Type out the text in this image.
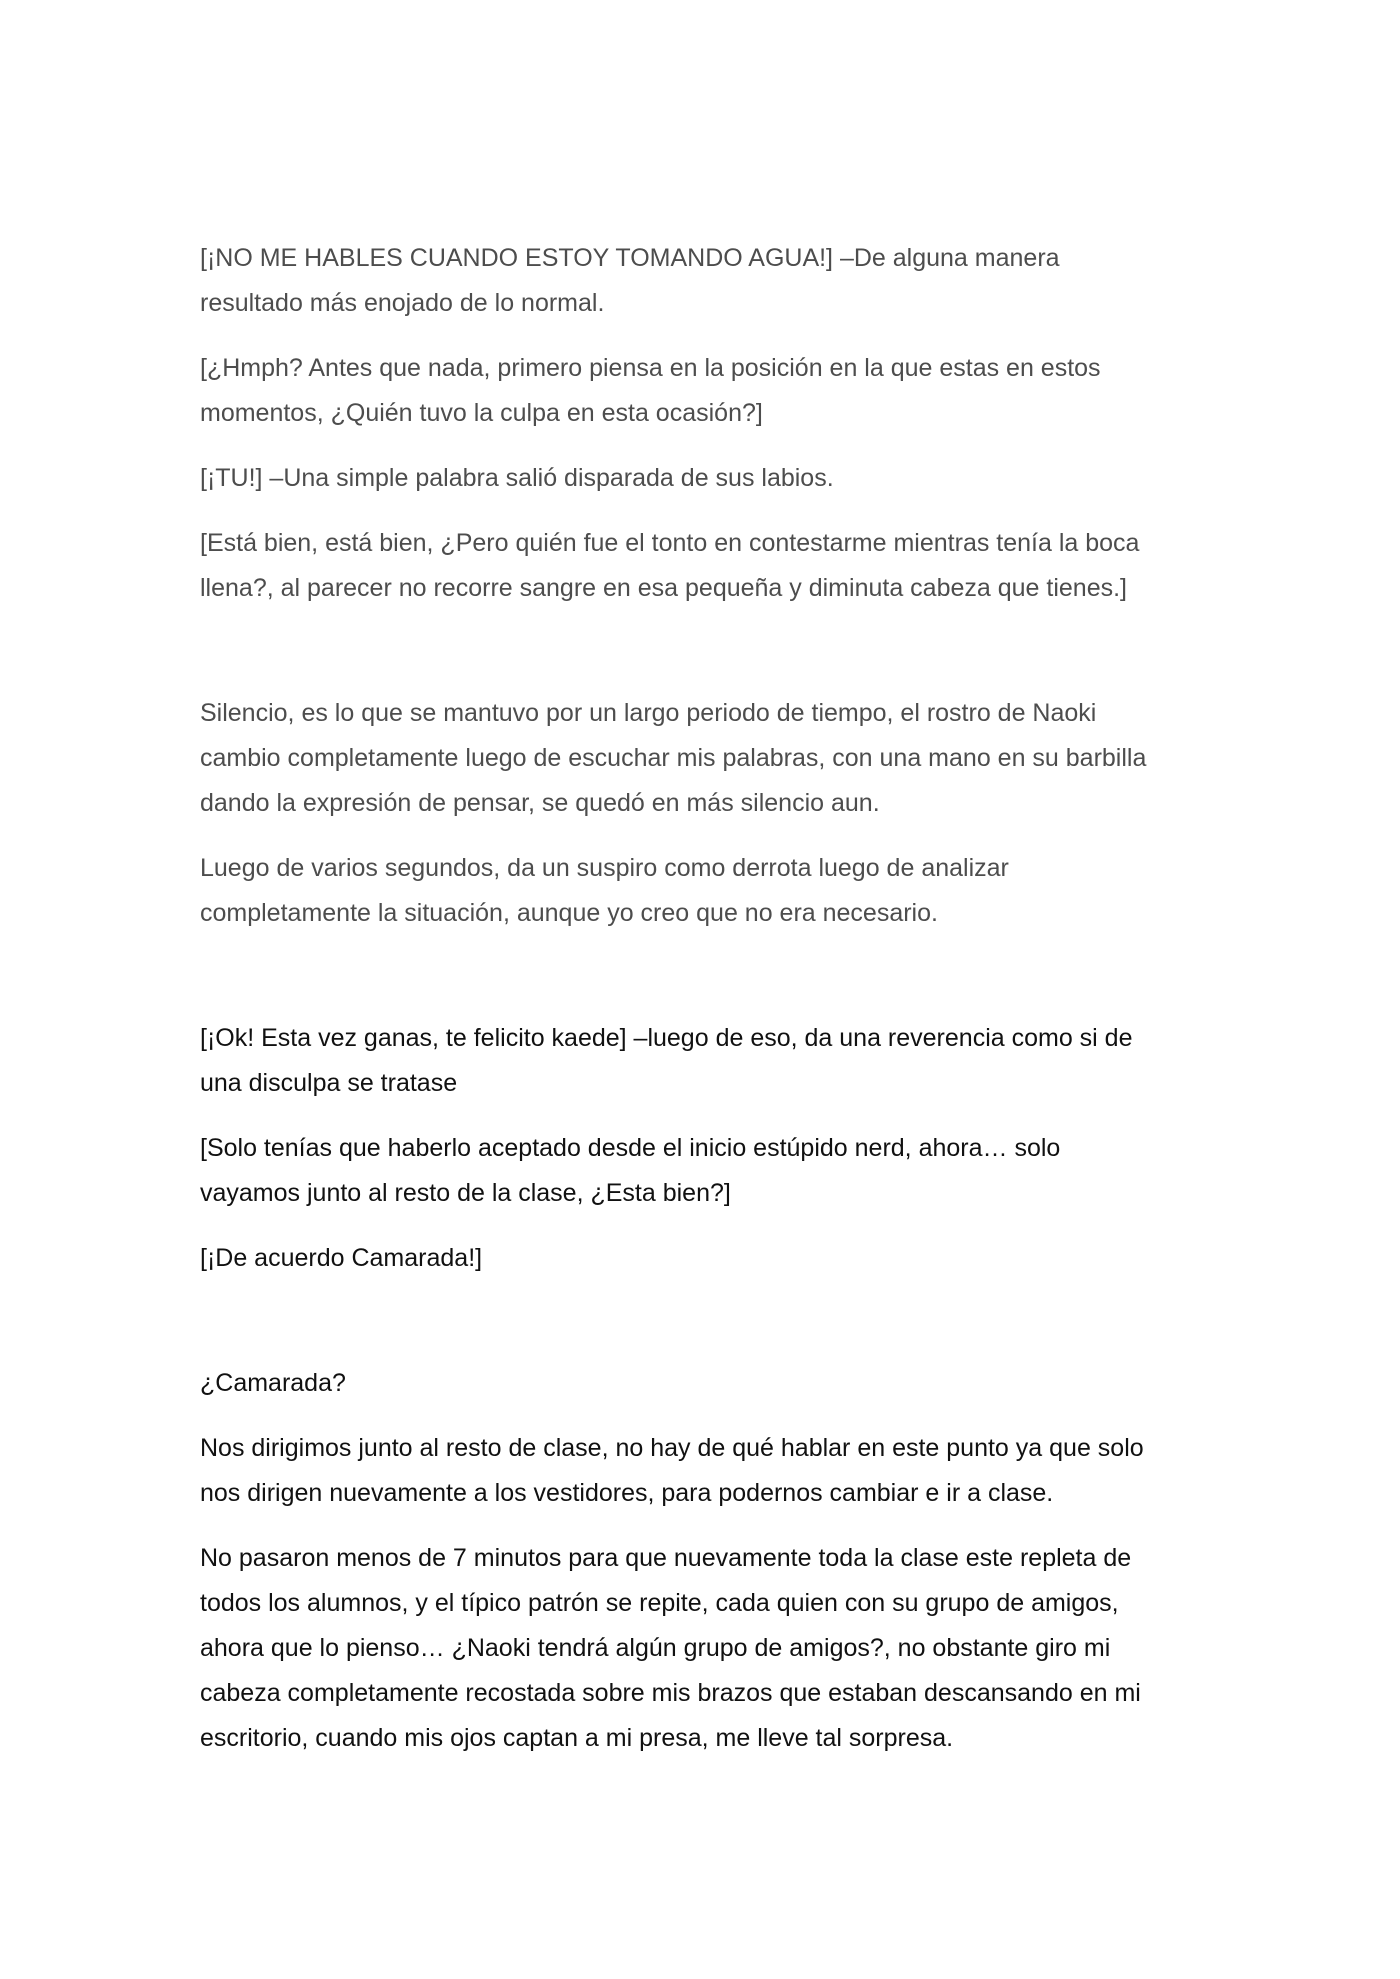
[¡NO ME HABLES CUANDO ESTOY TOMANDO AGUA!] –De alguna manera
resultado más enojado de lo normal.

[¿Hmph? Antes que nada, primero piensa en la posición en la que estas en estos
momentos, ¿Quién tuvo la culpa en esta ocasión?]

[¡TU!] –Una simple palabra salió disparada de sus labios.

[Está bien, está bien, ¿Pero quién fue el tonto en contestarme mientras tenía la boca
llena?, al parecer no recorre sangre en esa pequeña y diminuta cabeza que tienes.]

Silencio, es lo que se mantuvo por un largo periodo de tiempo, el rostro de Naoki
cambio completamente luego de escuchar mis palabras, con una mano en su barbilla
dando la expresión de pensar, se quedó en más silencio aun.

Luego de varios segundos, da un suspiro como derrota luego de analizar
completamente la situación, aunque yo creo que no era necesario.

[¡Ok! Esta vez ganas, te felicito kaede] –luego de eso, da una reverencia como si de
una disculpa se tratase

[Solo tenías que haberlo aceptado desde el inicio estúpido nerd, ahora… solo
vayamos junto al resto de la clase, ¿Esta bien?]

[¡De acuerdo Camarada!]

¿Camarada?

Nos dirigimos junto al resto de clase, no hay de qué hablar en este punto ya que solo
nos dirigen nuevamente a los vestidores, para podernos cambiar e ir a clase.

No pasaron menos de 7 minutos para que nuevamente toda la clase este repleta de
todos los alumnos, y el típico patrón se repite, cada quien con su grupo de amigos,
ahora que lo pienso… ¿Naoki tendrá algún grupo de amigos?, no obstante giro mi
cabeza completamente recostada sobre mis brazos que estaban descansando en mi
escritorio, cuando mis ojos captan a mi presa, me lleve tal sorpresa.
